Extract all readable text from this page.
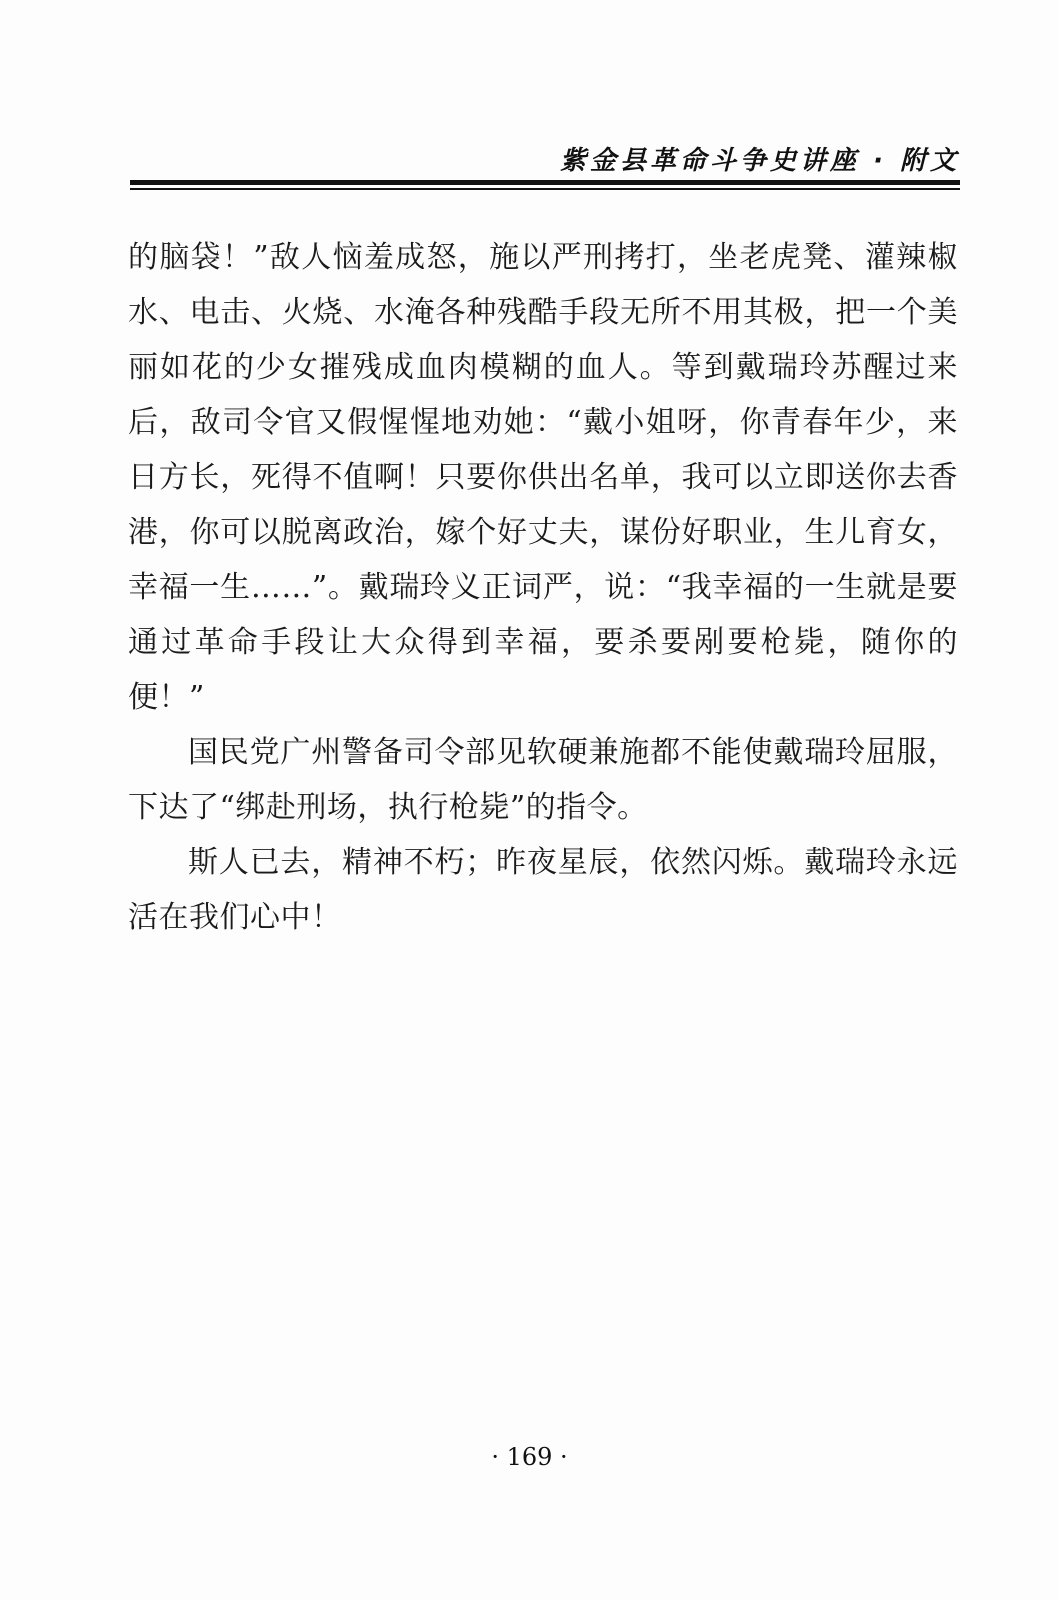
紫金县革命斗争史讲座 · 附文

的脑袋！”敌人恼羞成怒，施以严刑拷打，坐老虎凳、灌辣椒水、电击、火烧、水淹各种残酷手段无所不用其极，把一个美丽如花的少女摧残成血肉模糊的血人。等到戴瑞玲苏醒过来后，敌司令官又假惺惺地劝她：“戴小姐呀，你青春年少，来日方长，死得不值啊！只要你供出名单，我可以立即送你去香港，你可以脱离政治，嫁个好丈夫，谋份好职业，生儿育女，幸福一生……”。戴瑞玲义正词严，说：“我幸福的一生就是要通过革命手段让大众得到幸福，要杀要剐要枪毙，随你的便！”

国民党广州警备司令部见软硬兼施都不能使戴瑞玲屈服，下达了“绑赴刑场，执行枪毙”的指令。

斯人已去，精神不朽；昨夜星辰，依然闪烁。戴瑞玲永远活在我们心中！

· 169 ·
